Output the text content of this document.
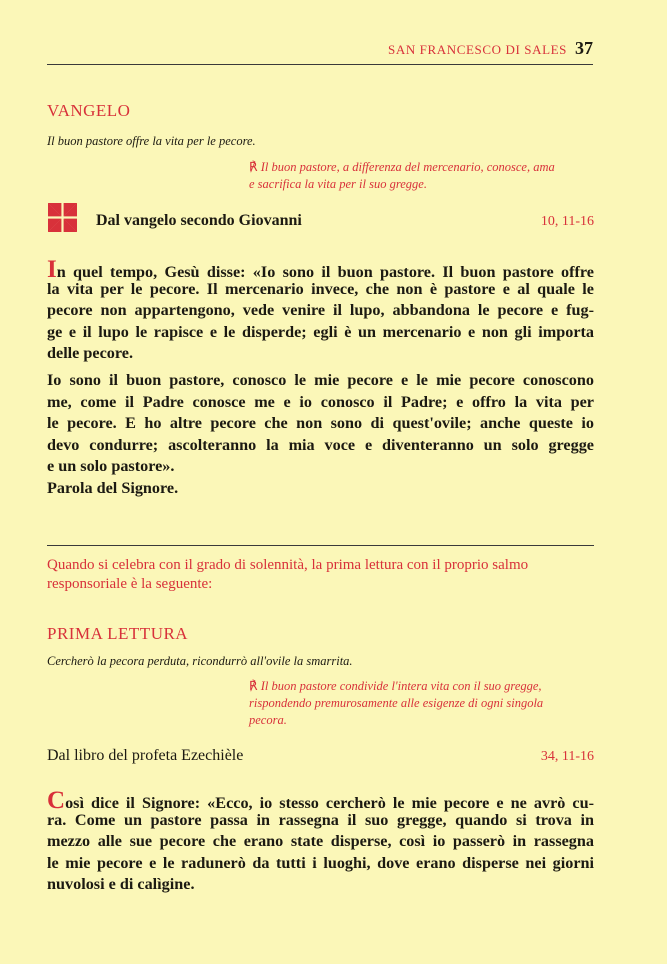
SAN FRANCESCO DI SALES 37
VANGELO
Il buon pastore offre la vita per le pecore.
℟ Il buon pastore, a differenza del mercenario, conosce, ama
e sacrifica la vita per il suo gregge.
Dal vangelo secondo Giovanni	10, 11-16
In quel tempo, Gesù disse: «Io sono il buon pastore. Il buon pastore offre
la vita per le pecore. Il mercenario invece, che non è pastore e al quale le
pecore non appartengono, vede venire il lupo, abbandona le pecore e fug-
ge e il lupo le rapisce e le disperde; egli è un mercenario e non gli importa
delle pecore.
Io sono il buon pastore, conosco le mie pecore e le mie pecore conoscono
me, come il Padre conosce me e io conosco il Padre; e offro la vita per
le pecore. E ho altre pecore che non sono di quest'ovile; anche queste io
devo condurre; ascolteranno la mia voce e diventeranno un solo gregge
e un solo pastore».
Parola del Signore.
Quando si celebra con il grado di solennità, la prima lettura con il proprio salmo responsoriale è la seguente:
PRIMA LETTURA
Cercherò la pecora perduta, ricondurrò all'ovile la smarrita.
℟ Il buon pastore condivide l'intera vita con il suo gregge,
rispondendo premurosamente alle esigenze di ogni singola
pecora.
Dal libro del profeta Ezechièle	34, 11-16
Così dice il Signore: «Ecco, io stesso cercherò le mie pecore e ne avrò cu-
ra. Come un pastore passa in rassegna il suo gregge, quando si trova in
mezzo alle sue pecore che erano state disperse, così io passerò in rassegna
le mie pecore e le radunerò da tutti i luoghi, dove erano disperse nei giorni
nuvolosi e di calìgine.
